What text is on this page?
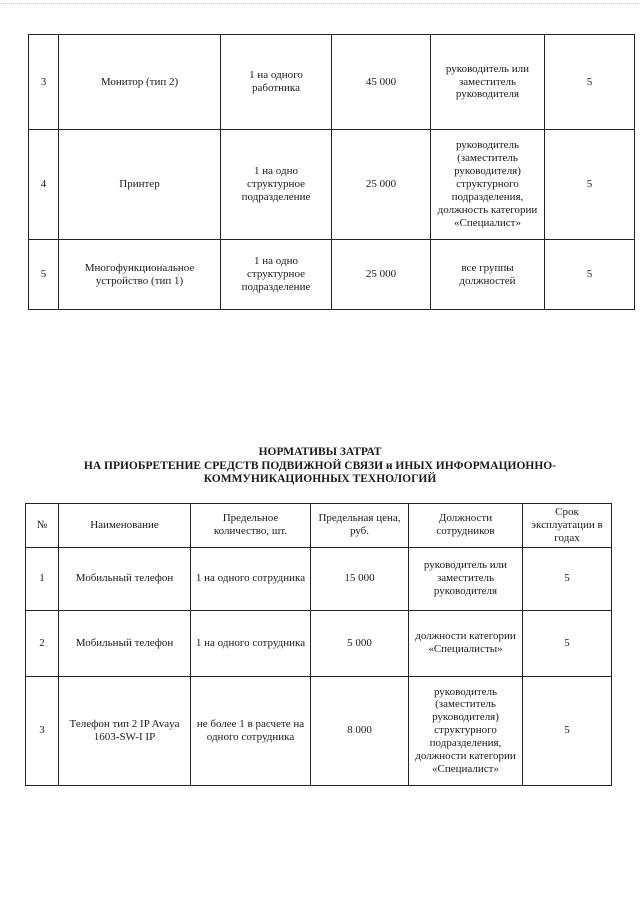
3	Монитор (тип 2)	1 на одного работника	45 000	руководитель или заместитель руководителя	5
4	Принтер	1 на одно структурное подразделение	25 000	руководитель (заместитель руководителя) структурного подразделения, должность категории «Специалист»	5
5	Многофункциональное устройство (тип 1)	1 на одно структурное подразделение	25 000	все группы должностей	5
НОРМАТИВЫ ЗАТРАТ
НА ПРИОБРЕТЕНИЕ СРЕДСТВ ПОДВИЖНОЙ СВЯЗИ и ИНЫХ ИНФОРМАЦИОННО-
КОММУНИКАЦИОННЫХ ТЕХНОЛОГИЙ
№	Наименование	Предельное количество, шт.	Предельная цена, руб.	Должности сотрудников	Срок эксплуатации в годах
1	Мобильный телефон	1 на одного сотрудника	15 000	руководитель или заместитель руководителя	5
2	Мобильный телефон	1 на одного сотрудника	5 000	должности категории «Специалисты»	5
3	Телефон тип 2 IP Avaya 1603-SW-I IP	не более 1 в расчете на одного сотрудника	8 000	руководитель (заместитель руководителя) структурного подразделения, должности категории «Специалист»	5
